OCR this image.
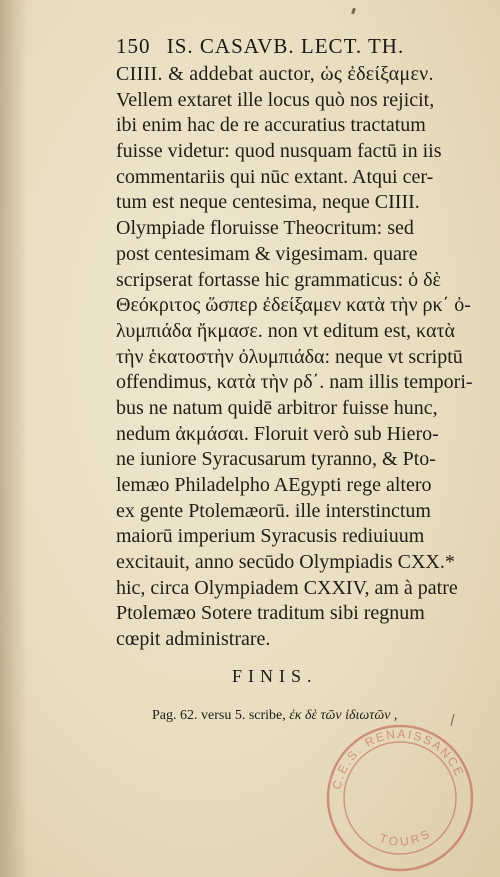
150 IS. CASAVB. LECT. TH.
CIIII. & addebat auctor, ὡς ἐδείξαμεν.
Vellem extaret ille locus quò nos rejicit,
ibi enim hac de re accuratius tractatum
fuisse videtur: quod nusquam factū in iis
commentariis qui nūc extant. Atqui cer-
tum est neque centesima, neque CIIII.
Olympiade floruisse Theocritum: sed
post centesimam & vigesimam. quare
scripserat fortasse hic grammaticus: ὁ δὲ
Θεόκριτος ὥσπερ ἐδείξαμεν κατὰ τὴν ρκ΄ ὀ-
λυμπιάδα ἤκμασε. non vt editum est, κατὰ
τὴν ἑκατοστὴν ὀλυμπιάδα: neque vt scriptū
offendimus, κατὰ τὴν ρδ΄. nam illis tempori-
bus ne natum quidē arbitror fuisse hunc,
nedum ἀκμάσαι. Floruit verò sub Hiero-
ne iuniore Syracusarum tyranno, & Pto-
lemæo Philadelpho AEgypti rege altero
ex gente Ptolemæorū. ille interstinctum
maiorū imperium Syracusis rediuiuum
excitauit, anno secūdo Olympiadis CXX.*
hic, circa Olympiadem CXXIV, am à patre
Ptolemæo Sotere traditum sibi regnum
cœpit administrare.
FINIS.
Pag. 62. versu 5. scribe, ἐκ δὲ τῶν ἰδιωτῶν ,
C.E.S. RENAISSANCE
TOURS
